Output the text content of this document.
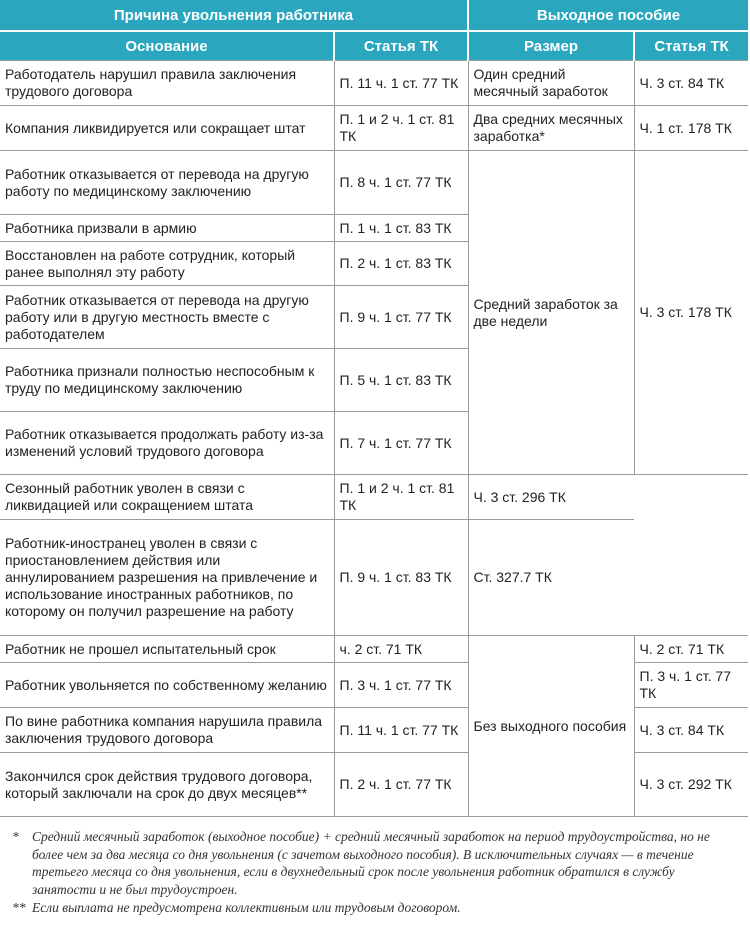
Причина увольнения работника		Выходное пособие	
Основание	Статья ТК	Размер	Статья ТК
Работодатель нарушил правила заключения трудового договора	П. 11 ч. 1 ст. 77 ТК	Один средний месячный заработок	Ч. 3 ст. 84 ТК
Компания ликвидируется или сокращает штат	П. 1 и 2 ч. 1 ст. 81 ТК	Два средних месячных заработка*	Ч. 1 ст. 178 ТК
Работник отказывается от перевода на другую работу по медицинскому заключению	П. 8 ч. 1 ст. 77 ТК	Средний заработок за две недели	Ч. 3 ст. 178 ТК
Работника призвали в армию	П. 1 ч. 1 ст. 83 ТК		
Восстановлен на работе сотрудник, который ранее выполнял эту работу	П. 2 ч. 1 ст. 83 ТК		
Работник отказывается от перевода на другую работу или в другую местность вместе с работодателем	П. 9 ч. 1 ст. 77 ТК		
Работника признали полностью неспособным к труду по медицинскому заключению	П. 5 ч. 1 ст. 83 ТК		
Работник отказывается продолжать работу из-за изменений условий трудового договора	П. 7 ч. 1 ст. 77 ТК		
Сезонный работник уволен в связи с ликвидацией или сокращением штата	П. 1 и 2 ч. 1 ст. 81 ТК	Ч. 3 ст. 296 ТК	
Работник-иностранец уволен в связи с приостановлением действия или аннулированием разрешения на привлечение и использование иностранных работников, по которому он получил разрешение на работу	П. 9 ч. 1 ст. 83 ТК	Ст. 327.7 ТК	
Работник не прошел испытательный срок	ч. 2 ст. 71 ТК	Без выходного пособия	Ч. 2 ст. 71 ТК
Работник увольняется по собственному желанию	П. 3 ч. 1 ст. 77 ТК		П. 3 ч. 1 ст. 77 ТК
По вине работника компания нарушила правила заключения трудового договора	П. 11 ч. 1 ст. 77 ТК		Ч. 3 ст. 84 ТК
Закончился срок действия трудового договора, который заключали на срок до двух месяцев**	П. 2 ч. 1 ст. 77 ТК		Ч. 3 ст. 292 ТК
* Средний месячный заработок (выходное пособие) + средний месячный заработок на период трудоустройства, но не более чем за два месяца со дня увольнения (с зачетом выходного пособия). В исключительных случаях — в течение третьего месяца со дня увольнения, если в двухнедельный срок после увольнения работник обратился в службу занятости и не был трудоустроен.
** Если выплата не предусмотрена коллективным или трудовым договором.
